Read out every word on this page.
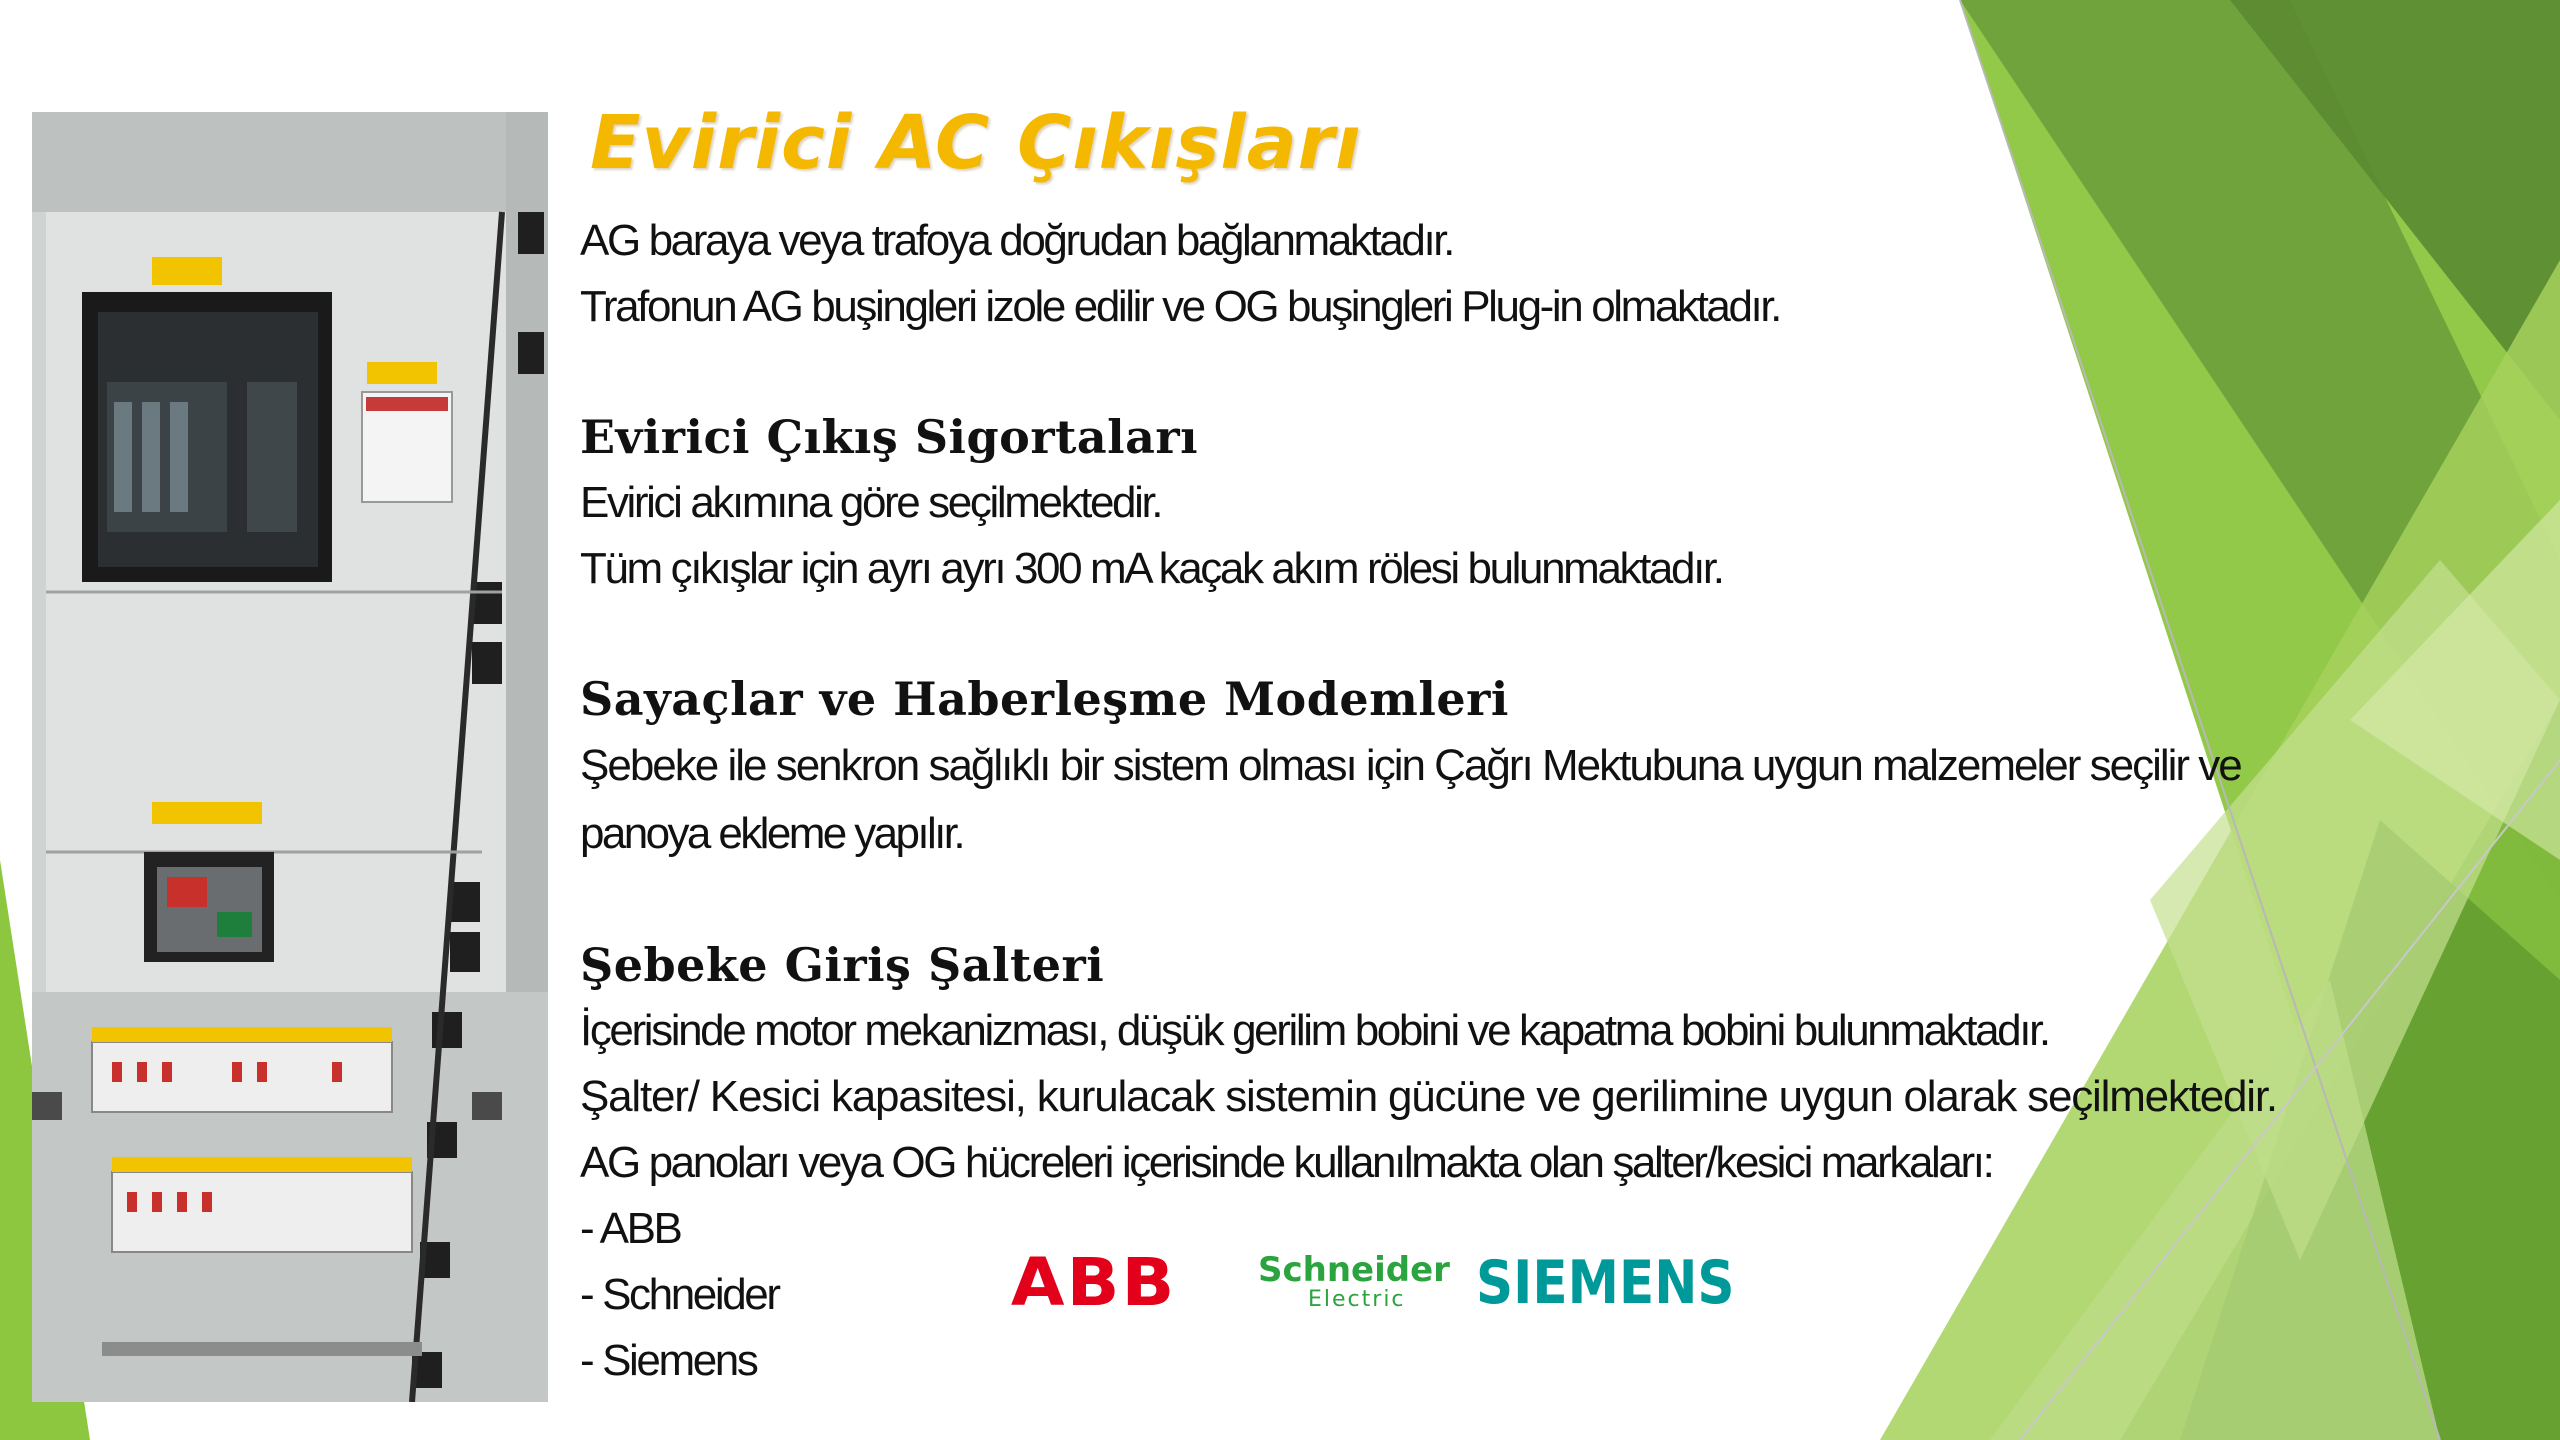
Evirici AC Çıkışları
AG baraya veya trafoya doğrudan bağlanmaktadır.
Trafonun AG buşingleri izole edilir ve OG buşingleri Plug-in olmaktadır.
Evirici Çıkış Sigortaları
Evirici akımına göre seçilmektedir.
Tüm çıkışlar için ayrı ayrı 300 mA kaçak akım rölesi bulunmaktadır.
Sayaçlar ve Haberleşme Modemleri
Şebeke ile senkron sağlıklı bir sistem olması için Çağrı Mektubuna uygun malzemeler seçilir ve
panoya ekleme yapılır.
Şebeke Giriş Şalteri
İçerisinde motor mekanizması, düşük gerilim bobini ve kapatma bobini bulunmaktadır.
Şalter/ Kesici kapasitesi, kurulacak sistemin gücüne ve gerilimine uygun olarak seçilmektedir.
AG panoları veya OG hücreleri içerisinde kullanılmakta olan şalter/kesici markaları:
- ABB
- Schneider
- Siemens
ABB Schneider
Electric	SIEMENS
